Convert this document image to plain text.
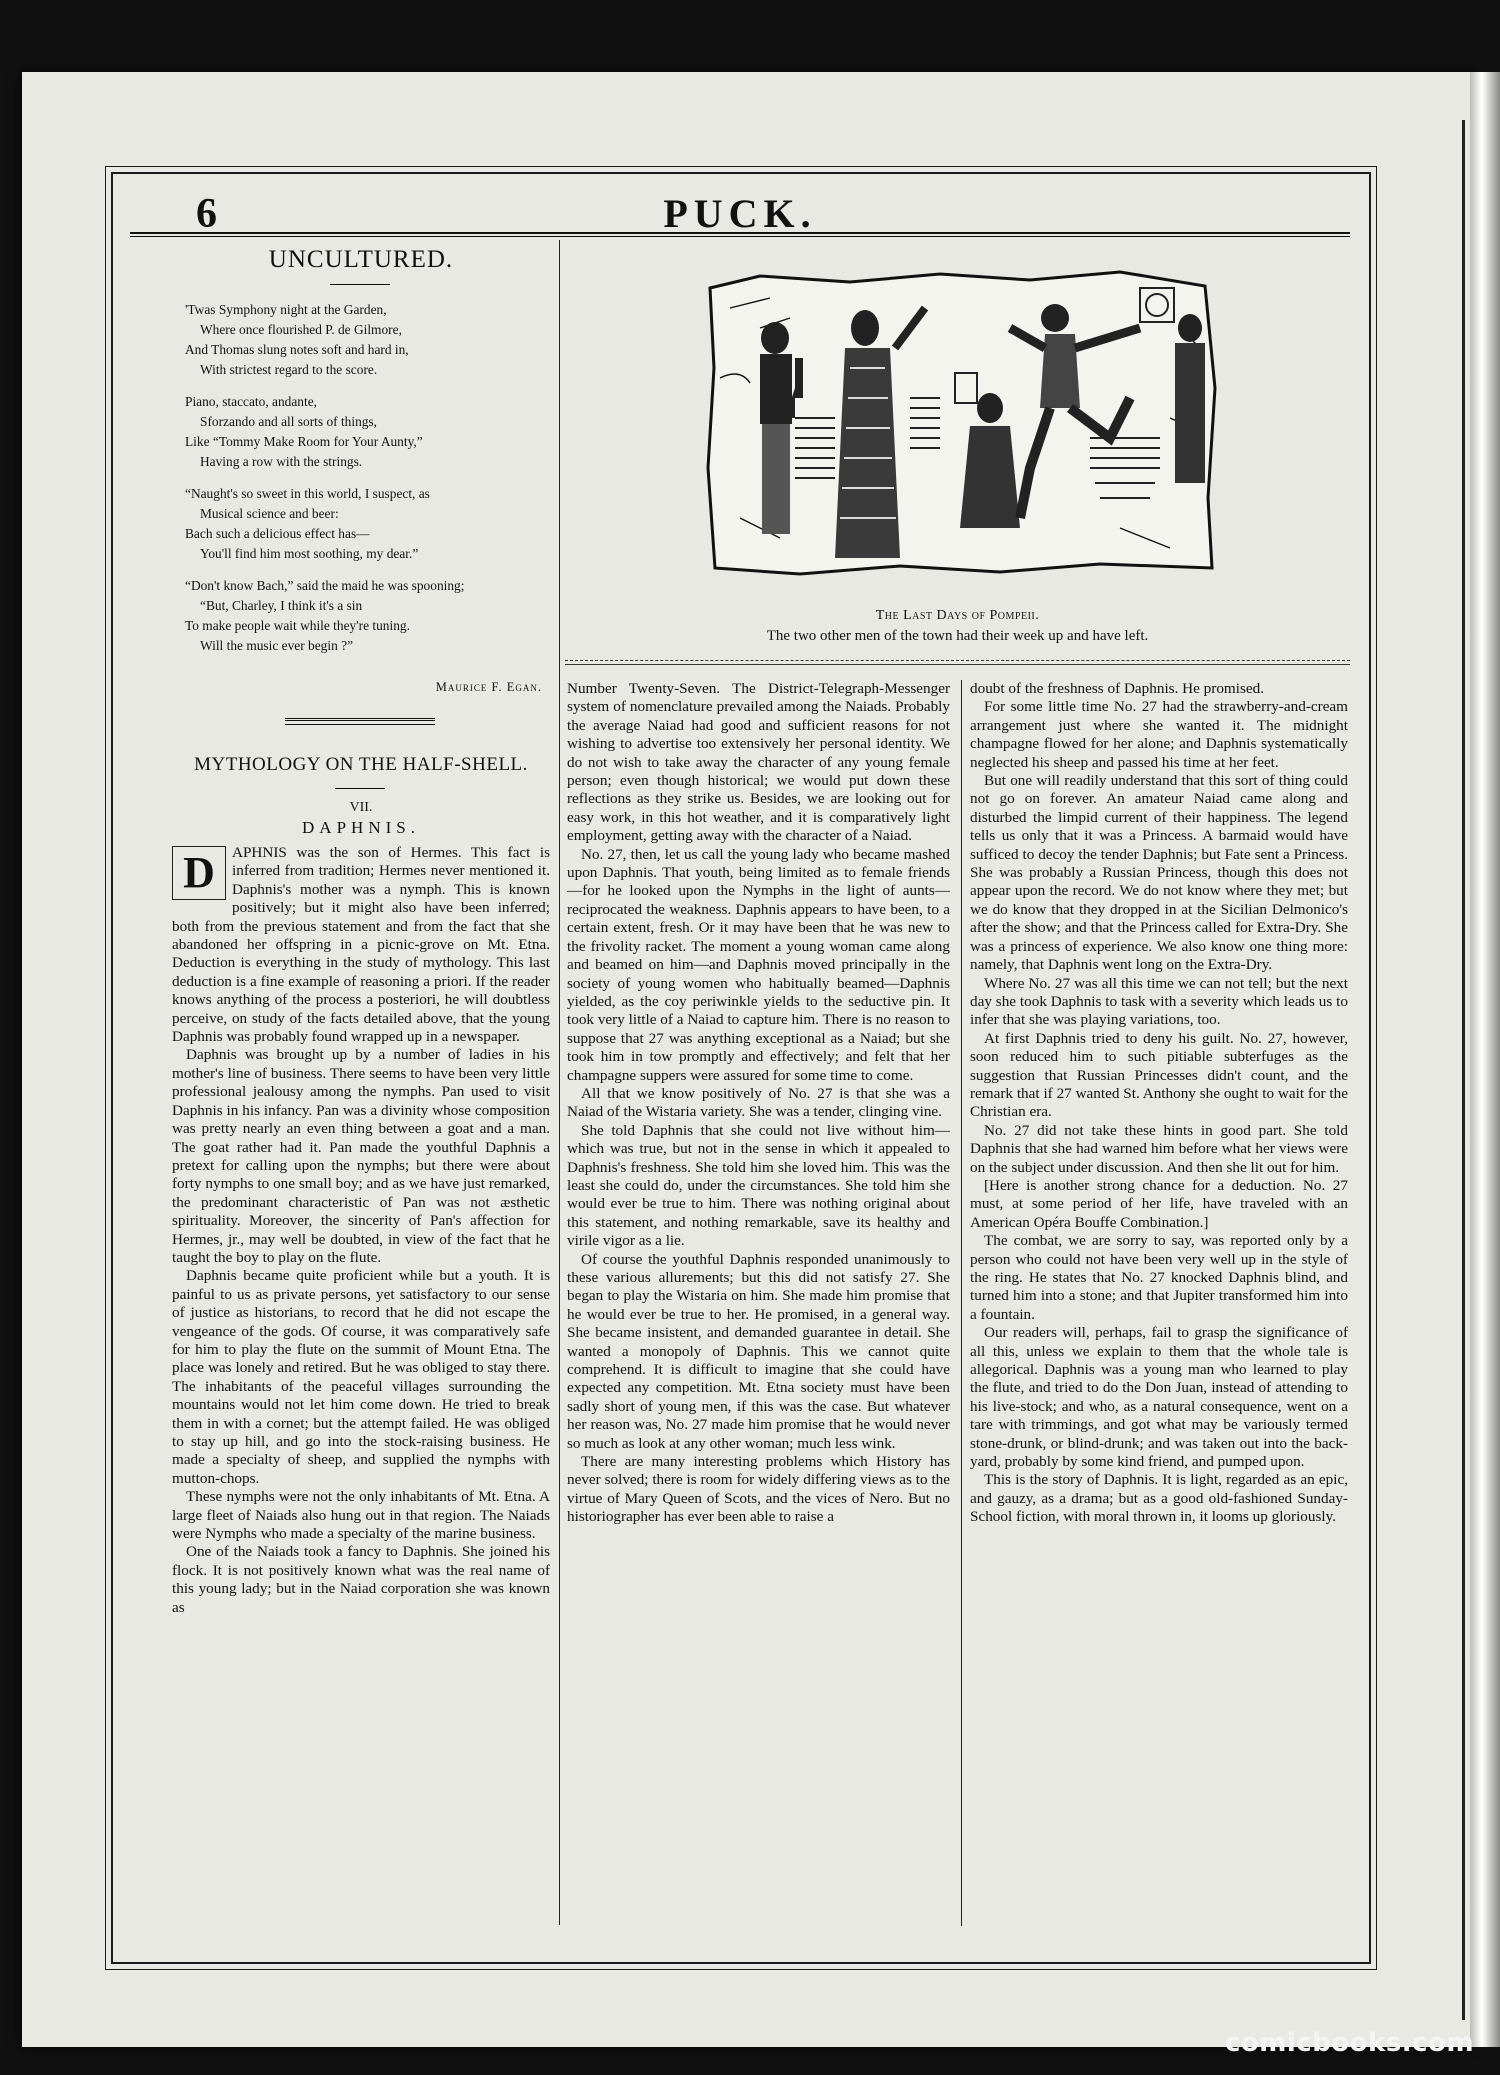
6	PUCK.
UNCULTURED.
'Twas Symphony night at the Garden,
Where once flourished P. de Gilmore,
And Thomas slung notes soft and hard in,
With strictest regard to the score.
Piano, staccato, andante,
Sforzando and all sorts of things,
Like “Tommy Make Room for Your Aunty,”
Having a row with the strings.
“Naught's so sweet in this world, I suspect, as
Musical science and beer:
Bach such a delicious effect has—
You'll find him most soothing, my dear.”
“Don't know Bach,” said the maid he was spooning;
“But, Charley, I think it's a sin
To make people wait while they're tuning.
Will the music ever begin ?”
Maurice F. Egan.
MYTHOLOGY ON THE HALF-SHELL.
VII.
DAPHNIS.
The Last Days of Pompeii.
The two other men of the town had their week up and have left.

D	APHNIS was the son of Hermes. This fact is inferred from tradition; Hermes never mentioned it. Daphnis's mother was a nymph. This is known positively; but it might also have been inferred; both from the previous statement and from the fact that she abandoned her offspring in a picnic-grove on Mt. Etna. Deduction is everything in the study of mythology. This last deduction is a fine example of reasoning a priori. If the reader knows anything of the process a posteriori, he will doubtless perceive, on study of the facts detailed above, that the young Daphnis was probably found wrapped up in a newspaper.

Daphnis was brought up by a number of ladies in his mother's line of business. There seems to have been very little professional jealousy among the nymphs. Pan used to visit Daphnis in his infancy. Pan was a divinity whose composition was pretty nearly an even thing between a goat and a man. The goat rather had it. Pan made the youthful Daphnis a pretext for calling upon the nymphs; but there were about forty nymphs to one small boy; and as we have just remarked, the predominant characteristic of Pan was not æsthetic spirituality. Moreover, the sincerity of Pan's affection for Hermes, jr., may well be doubted, in view of the fact that he taught the boy to play on the flute.

Daphnis became quite proficient while but a youth. It is painful to us as private persons, yet satisfactory to our sense of justice as historians, to record that he did not escape the vengeance of the gods. Of course, it was comparatively safe for him to play the flute on the summit of Mount Etna. The place was lonely and retired. But he was obliged to stay there. The inhabitants of the peaceful villages surrounding the mountains would not let him come down. He tried to break them in with a cornet; but the attempt failed. He was obliged to stay up hill, and go into the stock-raising business. He made a specialty of sheep, and supplied the nymphs with mutton-chops.

These nymphs were not the only inhabitants of Mt. Etna. A large fleet of Naiads also hung out in that region. The Naiads were Nymphs who made a specialty of the marine business.

One of the Naiads took a fancy to Daphnis. She joined his flock. It is not positively known what was the real name of this young lady; but in the Naiad corporation she was known as

Number Twenty-Seven. The District-Telegraph-Messenger system of nomenclature prevailed among the Naiads. Probably the average Naiad had good and sufficient reasons for not wishing to advertise too extensively her personal identity. We do not wish to take away the character of any young female person; even though historical; we would put down these reflections as they strike us. Besides, we are looking out for easy work, in this hot weather, and it is comparatively light employment, getting away with the character of a Naiad.

No. 27, then, let us call the young lady who became mashed upon Daphnis. That youth, being limited as to female friends—for he looked upon the Nymphs in the light of aunts—reciprocated the weakness. Daphnis appears to have been, to a certain extent, fresh. Or it may have been that he was new to the frivolity racket. The moment a young woman came along and beamed on him—and Daphnis moved principally in the society of young women who habitually beamed—Daphnis yielded, as the coy periwinkle yields to the seductive pin. It took very little of a Naiad to capture him. There is no reason to suppose that 27 was anything exceptional as a Naiad; but she took him in tow promptly and effectively; and felt that her champagne suppers were assured for some time to come.

All that we know positively of No. 27 is that she was a Naiad of the Wistaria variety. She was a tender, clinging vine.

She told Daphnis that she could not live without him—which was true, but not in the sense in which it appealed to Daphnis's freshness. She told him she loved him. This was the least she could do, under the circumstances. She told him she would ever be true to him. There was nothing original about this statement, and nothing remarkable, save its healthy and virile vigor as a lie.

Of course the youthful Daphnis responded unanimously to these various allurements; but this did not satisfy 27. She began to play the Wistaria on him. She made him promise that he would ever be true to her. He promised, in a general way. She became insistent, and demanded guarantee in detail. She wanted a monopoly of Daphnis. This we cannot quite comprehend. It is difficult to imagine that she could have expected any competition. Mt. Etna society must have been sadly short of young men, if this was the case. But whatever her reason was, No. 27 made him promise that he would never so much as look at any other woman; much less wink.

There are many interesting problems which History has never solved; there is room for widely differing views as to the virtue of Mary Queen of Scots, and the vices of Nero. But no historiographer has ever been able to raise a

doubt of the freshness of Daphnis. He promised.

For some little time No. 27 had the strawberry-and-cream arrangement just where she wanted it. The midnight champagne flowed for her alone; and Daphnis systematically neglected his sheep and passed his time at her feet.

But one will readily understand that this sort of thing could not go on forever. An amateur Naiad came along and disturbed the limpid current of their happiness. The legend tells us only that it was a Princess. A barmaid would have sufficed to decoy the tender Daphnis; but Fate sent a Princess. She was probably a Russian Princess, though this does not appear upon the record. We do not know where they met; but we do know that they dropped in at the Sicilian Delmonico's after the show; and that the Princess called for Extra-Dry. She was a princess of experience. We also know one thing more: namely, that Daphnis went long on the Extra-Dry.

Where No. 27 was all this time we can not tell; but the next day she took Daphnis to task with a severity which leads us to infer that she was playing variations, too.

At first Daphnis tried to deny his guilt. No. 27, however, soon reduced him to such pitiable subterfuges as the suggestion that Russian Princesses didn't count, and the remark that if 27 wanted St. Anthony she ought to wait for the Christian era.

No. 27 did not take these hints in good part. She told Daphnis that she had warned him before what her views were on the subject under discussion. And then she lit out for him.

[Here is another strong chance for a deduction. No. 27 must, at some period of her life, have traveled with an American Opéra Bouffe Combination.]

The combat, we are sorry to say, was reported only by a person who could not have been very well up in the style of the ring. He states that No. 27 knocked Daphnis blind, and turned him into a stone; and that Jupiter transformed him into a fountain.

Our readers will, perhaps, fail to grasp the significance of all this, unless we explain to them that the whole tale is allegorical. Daphnis was a young man who learned to play the flute, and tried to do the Don Juan, instead of attending to his live-stock; and who, as a natural consequence, went on a tare with trimmings, and got what may be variously termed stone-drunk, or blind-drunk; and was taken out into the back-yard, probably by some kind friend, and pumped upon.

This is the story of Daphnis. It is light, regarded as an epic, and gauzy, as a drama; but as a good old-fashioned Sunday-School fiction, with moral thrown in, it looms up gloriously.

comicbooks.com
